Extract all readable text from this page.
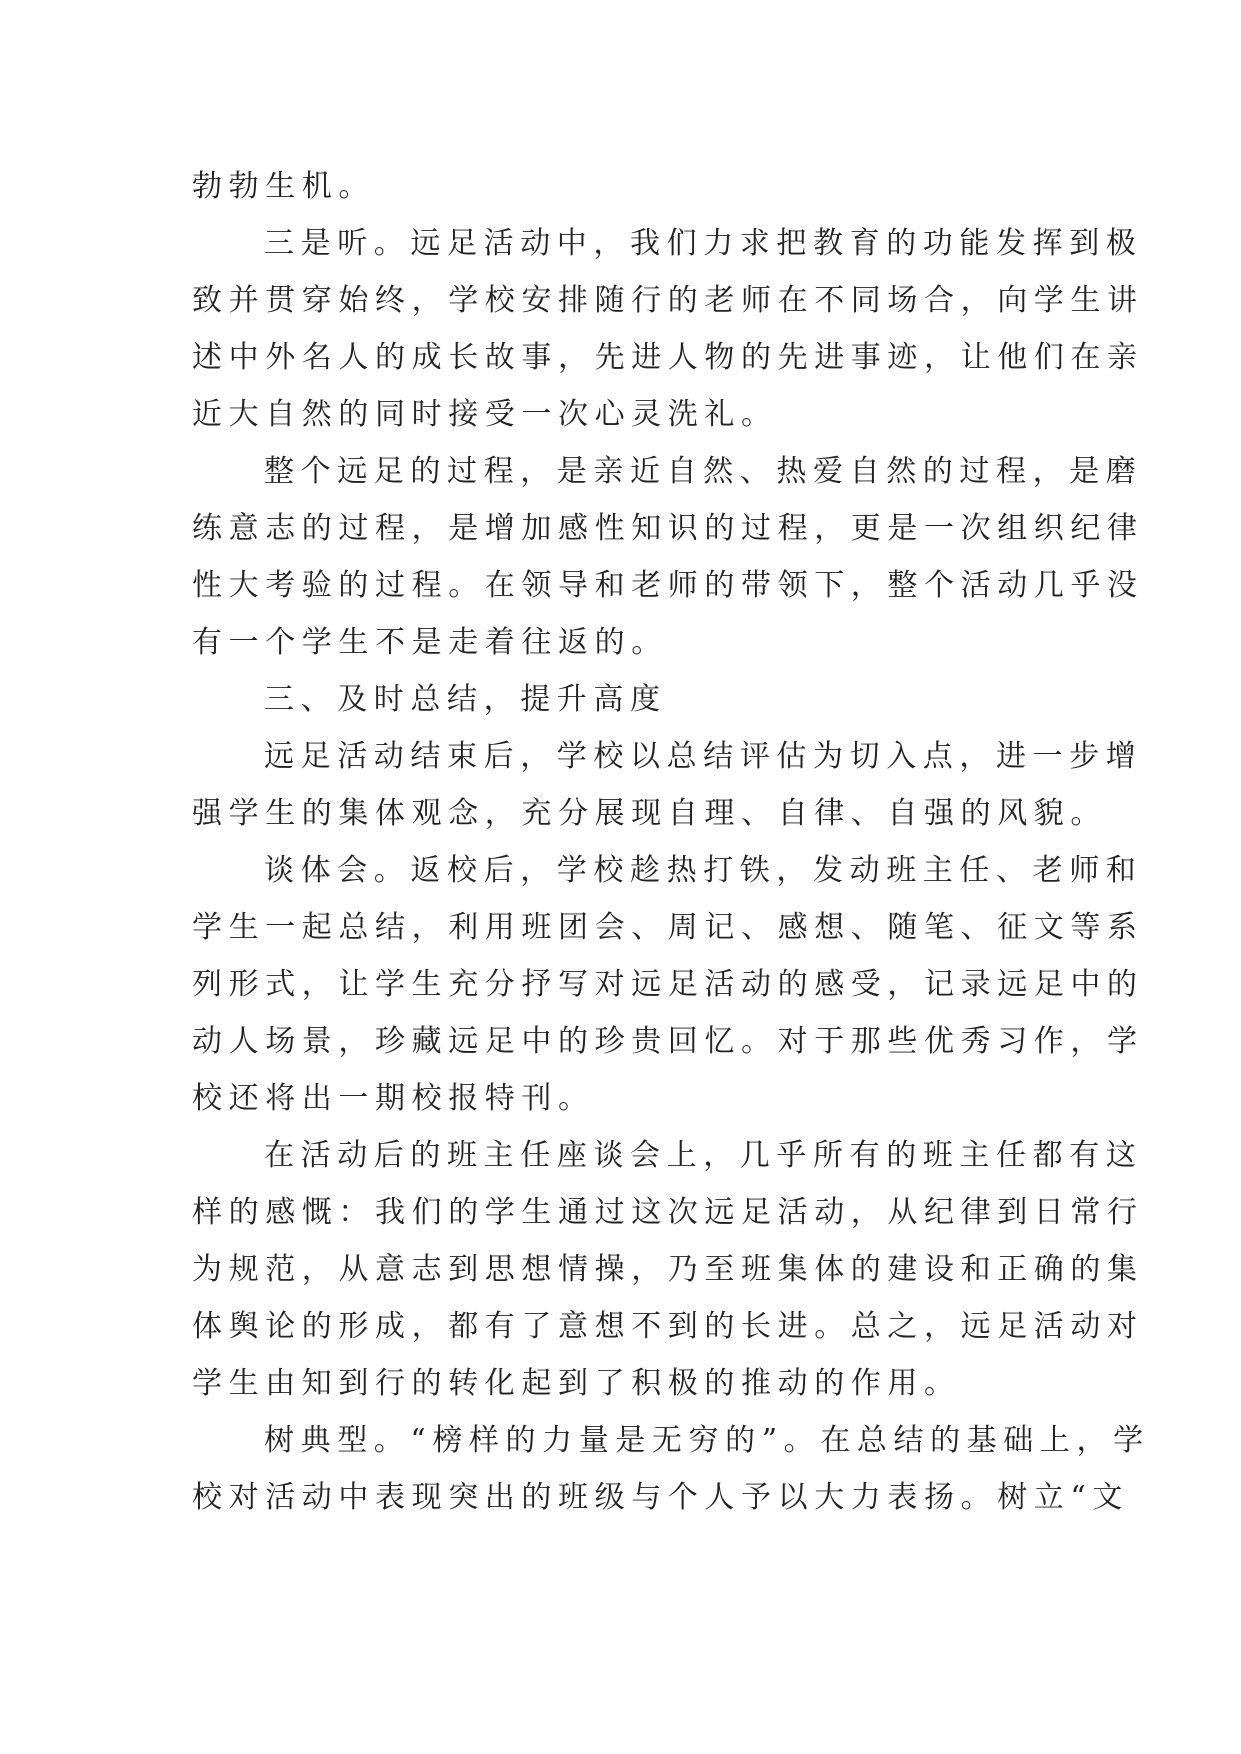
勃勃生机。
三是听。远足活动中，我们力求把教育的功能发挥到极
致并贯穿始终，学校安排随行的老师在不同场合，向学生讲
述中外名人的成长故事，先进人物的先进事迹，让他们在亲
近大自然的同时接受一次心灵洗礼。
整个远足的过程，是亲近自然、热爱自然的过程，是磨
练意志的过程，是增加感性知识的过程，更是一次组织纪律
性大考验的过程。在领导和老师的带领下，整个活动几乎没
有一个学生不是走着往返的。
三、及时总结，提升高度
远足活动结束后，学校以总结评估为切入点，进一步增
强学生的集体观念，充分展现自理、自律、自强的风貌。
谈体会。返校后，学校趁热打铁，发动班主任、老师和
学生一起总结，利用班团会、周记、感想、随笔、征文等系
列形式，让学生充分抒写对远足活动的感受，记录远足中的
动人场景，珍藏远足中的珍贵回忆。对于那些优秀习作，学
校还将出一期校报特刊。
在活动后的班主任座谈会上，几乎所有的班主任都有这
样的感慨：我们的学生通过这次远足活动，从纪律到日常行
为规范，从意志到思想情操，乃至班集体的建设和正确的集
体舆论的形成，都有了意想不到的长进。总之，远足活动对
学生由知到行的转化起到了积极的推动的作用。
树典型。“榜样的力量是无穷的”。在总结的基础上，学
校对活动中表现突出的班级与个人予以大力表扬。树立“文
